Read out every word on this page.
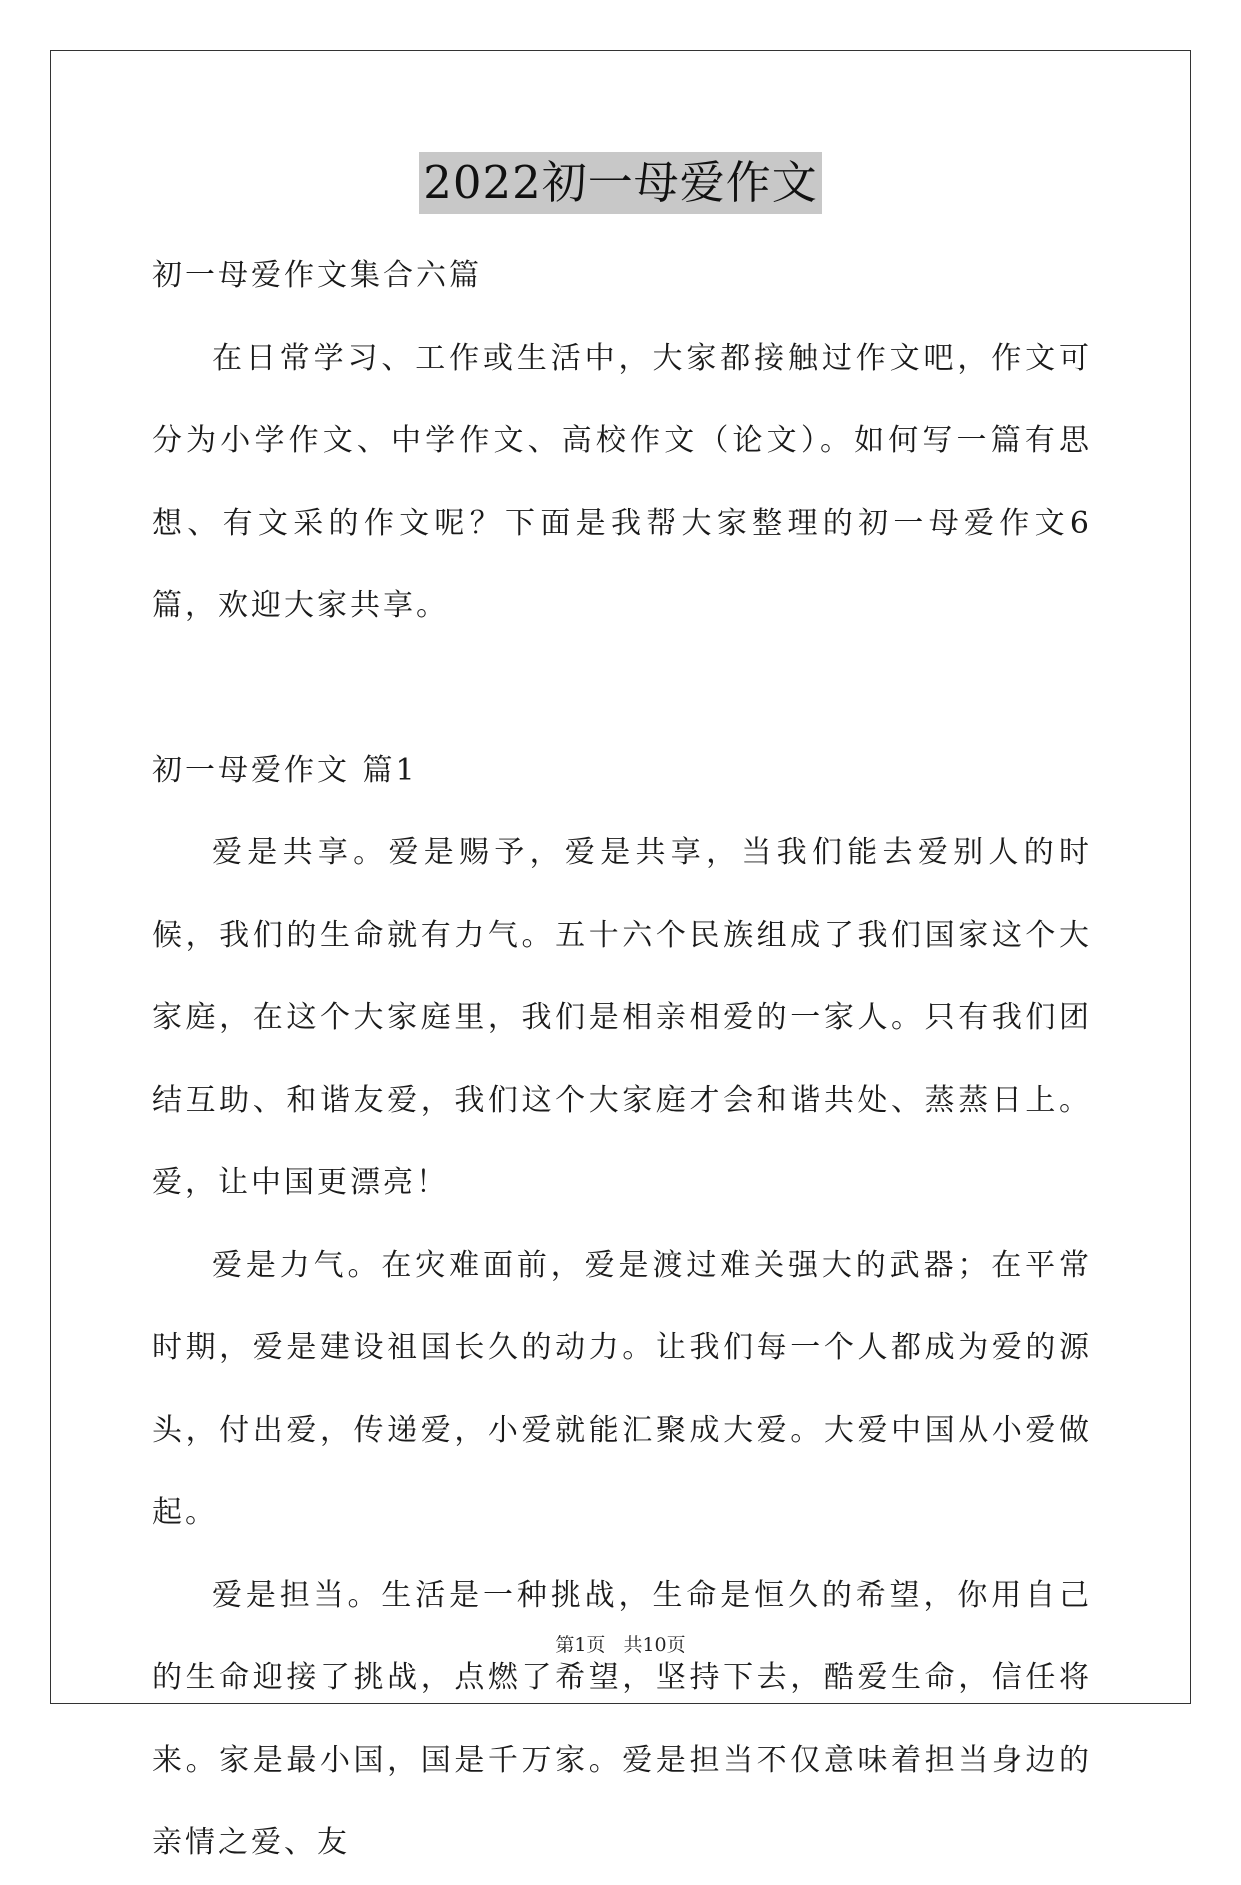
2022初一母爱作文

初一母爱作文集合六篇

在日常学习、工作或生活中，大家都接触过作文吧，作文可分为小学作文、中学作文、高校作文（论文）。如何写一篇有思想、有文采的作文呢？下面是我帮大家整理的初一母爱作文6篇，欢迎大家共享。

初一母爱作文 篇1

爱是共享。爱是赐予，爱是共享，当我们能去爱别人的时候，我们的生命就有力气。五十六个民族组成了我们国家这个大家庭，在这个大家庭里，我们是相亲相爱的一家人。只有我们团结互助、和谐友爱，我们这个大家庭才会和谐共处、蒸蒸日上。爱，让中国更漂亮！

爱是力气。在灾难面前，爱是渡过难关强大的武器；在平常时期，爱是建设祖国长久的动力。让我们每一个人都成为爱的源头，付出爱，传递爱，小爱就能汇聚成大爱。大爱中国从小爱做起。

爱是担当。生活是一种挑战，生命是恒久的希望，你用自己的生命迎接了挑战，点燃了希望，坚持下去，酷爱生命，信任将来。家是最小国，国是千万家。爱是担当不仅意味着担当身边的亲情之爱、友

第1页 共10页
